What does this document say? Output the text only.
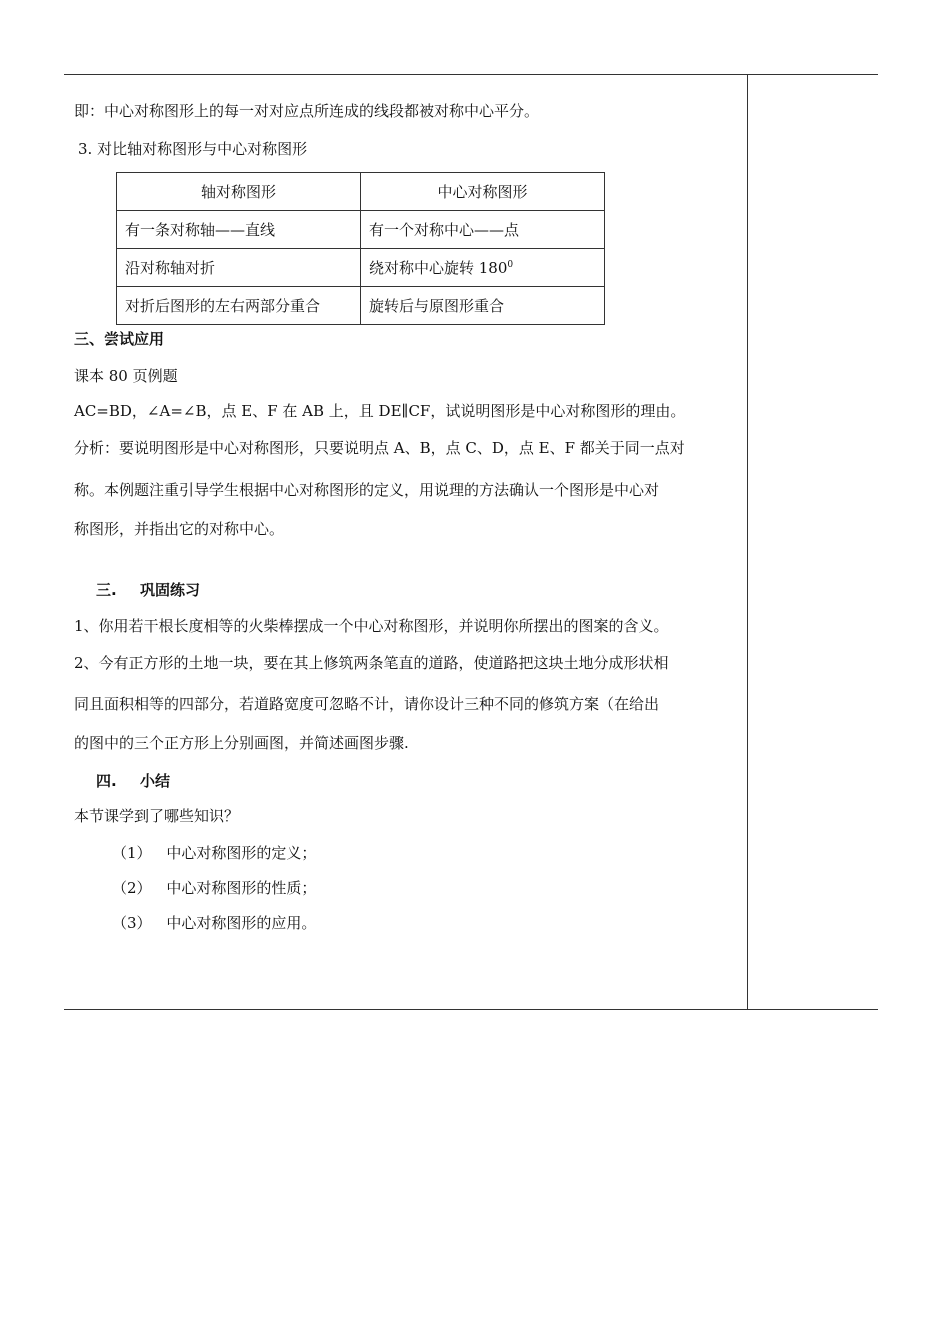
即：中心对称图形上的每一对对应点所连成的线段都被对称中心平分。
3. 对比轴对称图形与中心对称图形
轴对称图形	中心对称图形
有一条对称轴——直线	有一个对称中心——点
沿对称轴对折	绕对称中心旋转 $180^0$
对折后图形的左右两部分重合	旋转后与原图形重合
三、尝试应用
课本 80 页例题
AC=BD，∠A=∠B，点 E、F 在 AB 上，且 DE∥CF，试说明图形是中心对称图形的理由。
分析：要说明图形是中心对称图形，只要说明点 A、B，点 C、D，点 E、F 都关于同一点对
称。本例题注重引导学生根据中心对称图形的定义，用说理的方法确认一个图形是中心对
称图形，并指出它的对称中心。
三. 巩固练习
1、你用若干根长度相等的火柴棒摆成一个中心对称图形，并说明你所摆出的图案的含义。
2、今有正方形的土地一块，要在其上修筑两条笔直的道路，使道路把这块土地分成形状相
同且面积相等的四部分，若道路宽度可忽略不计，请你设计三种不同的修筑方案（在给出
的图中的三个正方形上分别画图，并简述画图步骤.
四. 小结
本节课学到了哪些知识？
（1） 中心对称图形的定义；
（2） 中心对称图形的性质；
（3） 中心对称图形的应用。
